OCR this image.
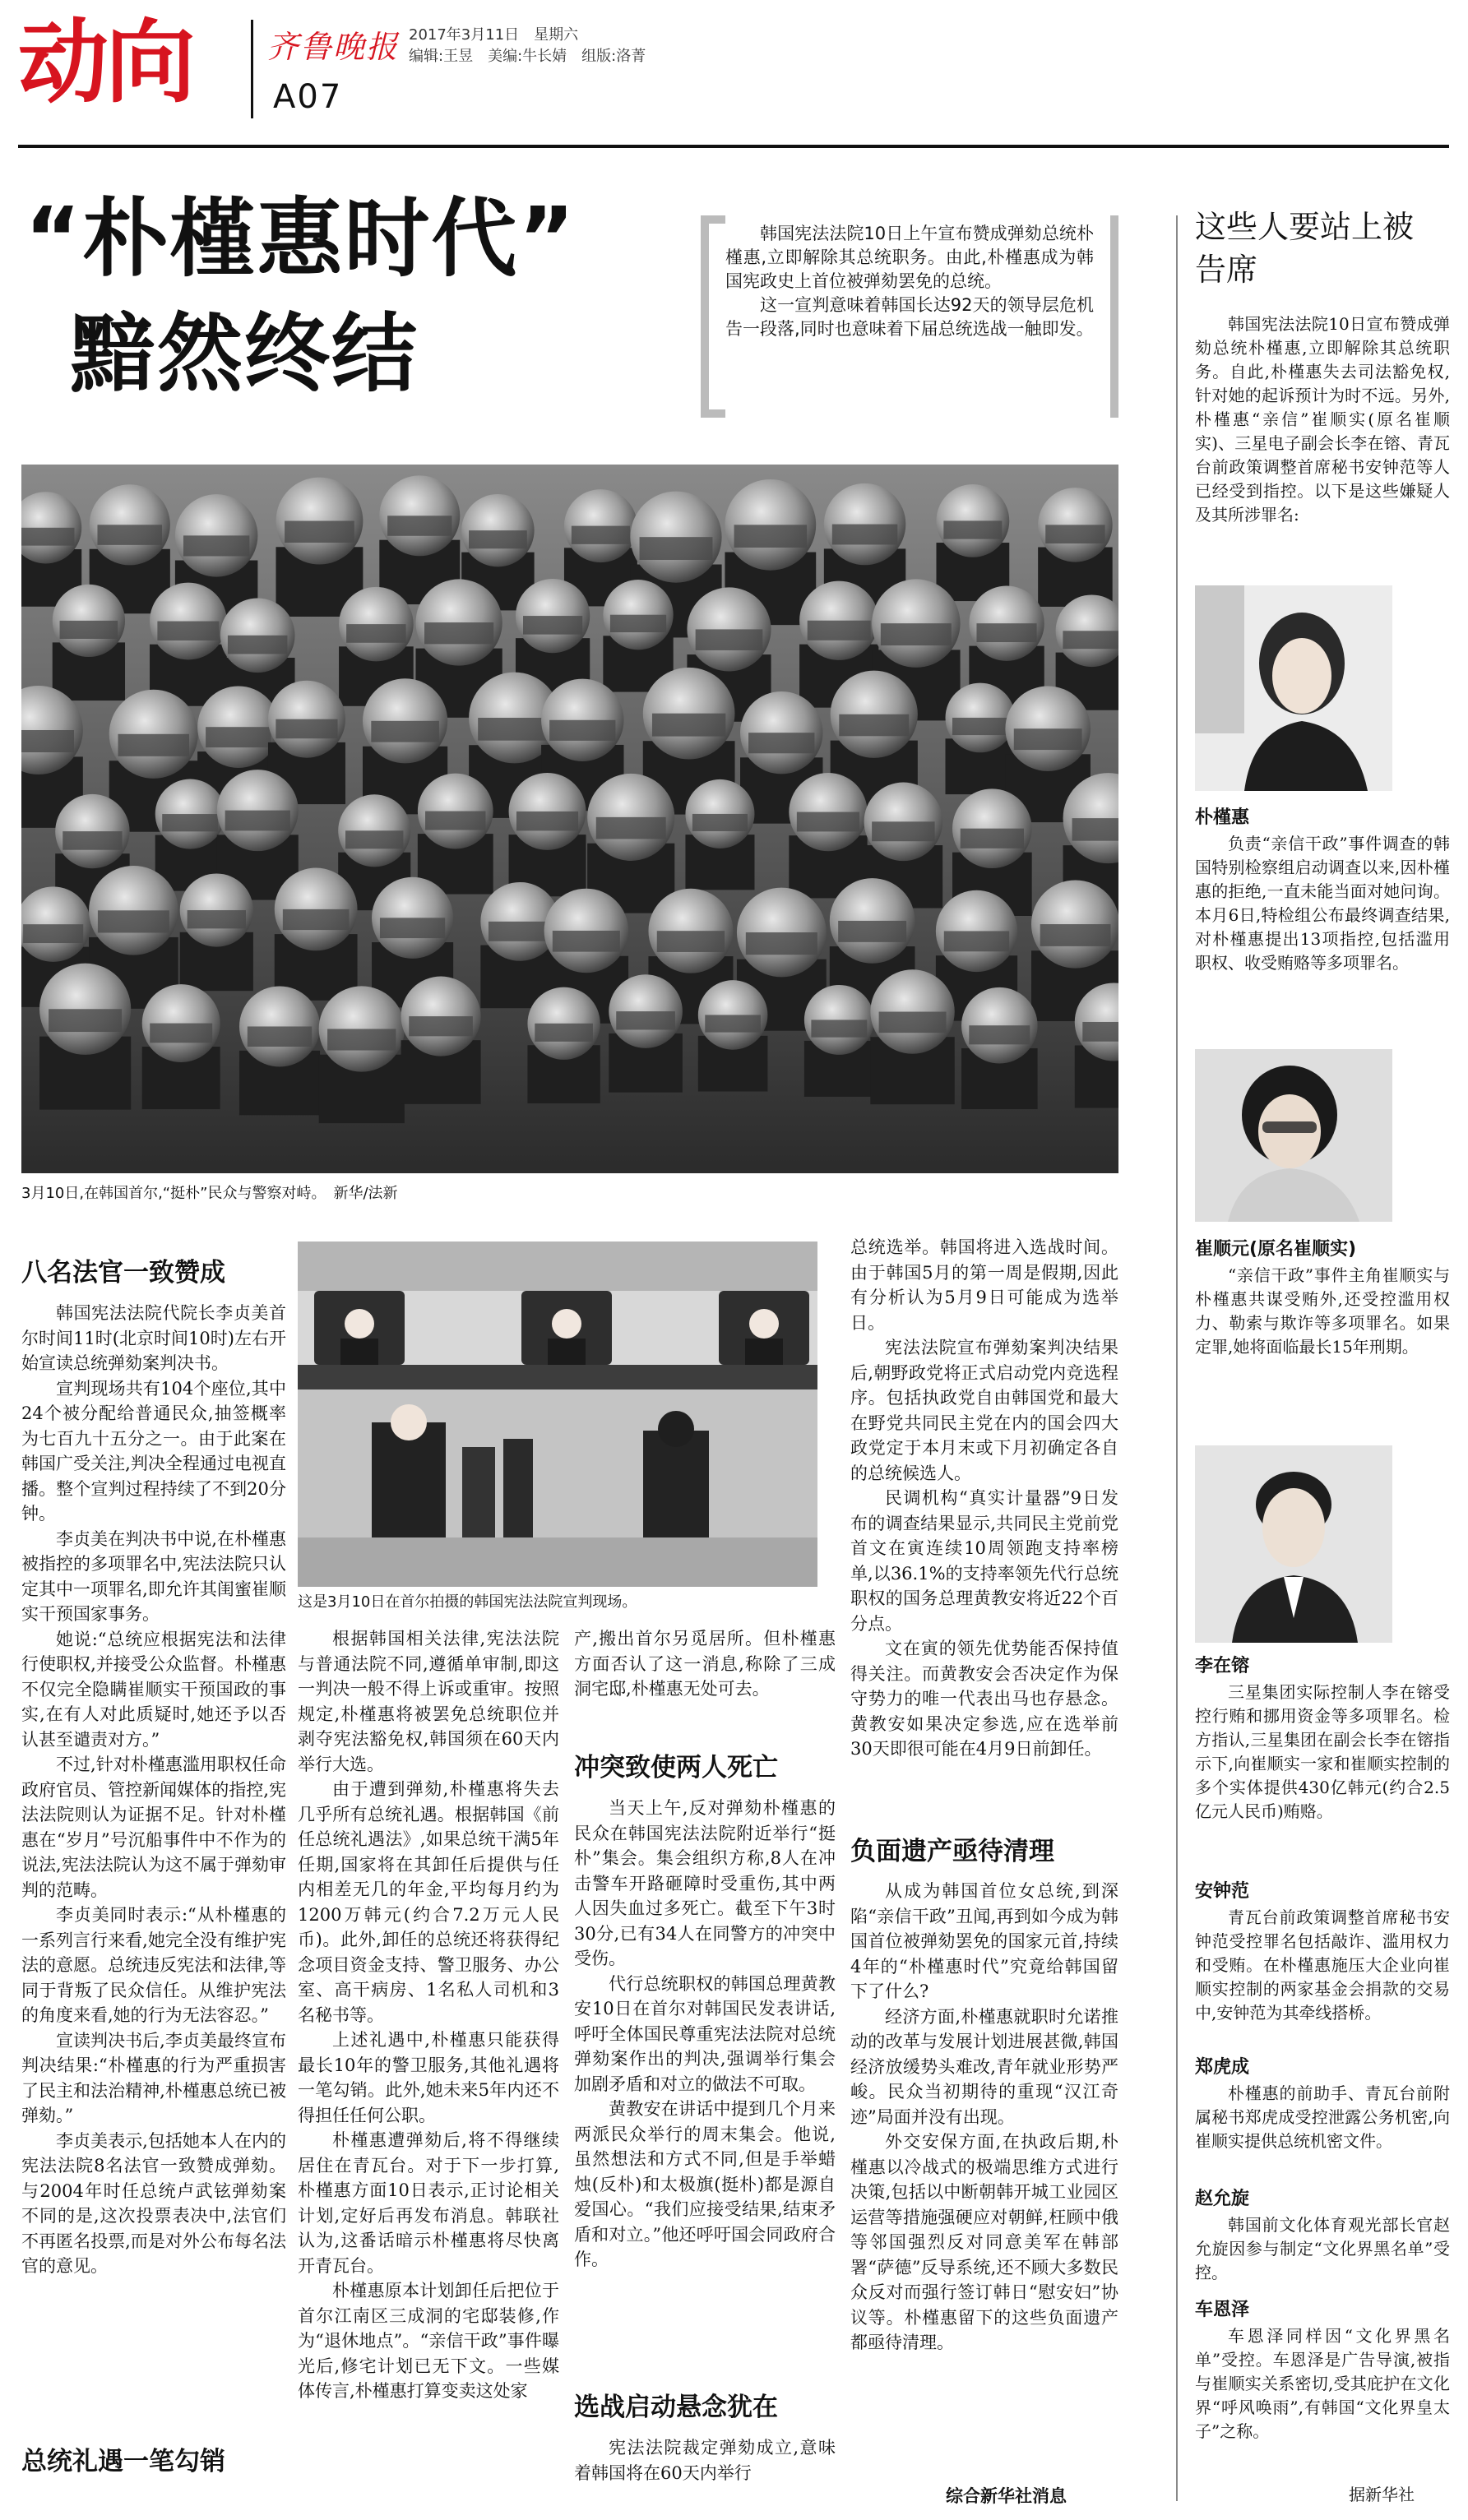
动向 齐鲁晚报
A07
2017年3月11日　星期六
编辑:王昱　美编:牛长婧　组版:洛菁
“朴槿惠时代”
黯然终结

韩国宪法法院10日上午宣布赞成弹劾总统朴槿惠,立即解除其总统职务。由此,朴槿惠成为韩国宪政史上首位被弹劾罢免的总统。

这一宣判意味着韩国长达92天的领导层危机告一段落,同时也意味着下届总统选战一触即发。

3月10日,在韩国首尔,“挺朴”民众与警察对峙。　新华/法新
八名法官一致赞成

韩国宪法法院代院长李贞美首尔时间11时(北京时间10时)左右开始宣读总统弹劾案判决书。

宣判现场共有104个座位,其中24个被分配给普通民众,抽签概率为七百九十五分之一。由于此案在韩国广受关注,判决全程通过电视直播。整个宣判过程持续了不到20分钟。

李贞美在判决书中说,在朴槿惠被指控的多项罪名中,宪法法院只认定其中一项罪名,即允许其闺蜜崔顺实干预国家事务。

她说:“总统应根据宪法和法律行使职权,并接受公众监督。朴槿惠不仅完全隐瞒崔顺实干预国政的事实,在有人对此质疑时,她还予以否认甚至谴责对方。”

不过,针对朴槿惠滥用职权任命政府官员、管控新闻媒体的指控,宪法法院则认为证据不足。针对朴槿惠在“岁月”号沉船事件中不作为的说法,宪法法院认为这不属于弹劾审判的范畴。

李贞美同时表示:“从朴槿惠的一系列言行来看,她完全没有维护宪法的意愿。总统违反宪法和法律,等同于背叛了民众信任。从维护宪法的角度来看,她的行为无法容忍。”

宣读判决书后,李贞美最终宣布判决结果:“朴槿惠的行为严重损害了民主和法治精神,朴槿惠总统已被弹劾。”

李贞美表示,包括她本人在内的宪法法院8名法官一致赞成弹劾。与2004年时任总统卢武铉弹劾案不同的是,这次投票表决中,法官们不再匿名投票,而是对外公布每名法官的意见。

总统礼遇一笔勾销
这是3月10日在首尔拍摄的韩国宪法法院宣判现场。

根据韩国相关法律,宪法法院与普通法院不同,遵循单审制,即这一判决一般不得上诉或重审。按照规定,朴槿惠将被罢免总统职位并剥夺宪法豁免权,韩国须在60天内举行大选。

由于遭到弹劾,朴槿惠将失去几乎所有总统礼遇。根据韩国《前任总统礼遇法》,如果总统干满5年任期,国家将在其卸任后提供与任内相差无几的年金,平均每月约为1200万韩元(约合7.2万元人民币)。此外,卸任的总统还将获得纪念项目资金支持、警卫服务、办公室、高干病房、1名私人司机和3名秘书等。

上述礼遇中,朴槿惠只能获得最长10年的警卫服务,其他礼遇将一笔勾销。此外,她未来5年内还不得担任任何公职。

朴槿惠遭弹劾后,将不得继续居住在青瓦台。对于下一步打算,朴槿惠方面10日表示,正讨论相关计划,定好后再发布消息。韩联社认为,这番话暗示朴槿惠将尽快离开青瓦台。

朴槿惠原本计划卸任后把位于首尔江南区三成洞的宅邸装修,作为“退休地点”。“亲信干政”事件曝光后,修宅计划已无下文。一些媒体传言,朴槿惠打算变卖这处家

产,搬出首尔另觅居所。但朴槿惠方面否认了这一消息,称除了三成洞宅邸,朴槿惠无处可去。

冲突致使两人死亡

当天上午,反对弹劾朴槿惠的民众在韩国宪法法院附近举行“挺朴”集会。集会组织方称,8人在冲击警车开路砸障时受重伤,其中两人因失血过多死亡。截至下午3时30分,已有34人在同警方的冲突中受伤。

代行总统职权的韩国总理黄教安10日在首尔对韩国民发表讲话,呼吁全体国民尊重宪法法院对总统弹劾案作出的判决,强调举行集会加剧矛盾和对立的做法不可取。

黄教安在讲话中提到几个月来两派民众举行的周末集会。他说,虽然想法和方式不同,但是手举蜡烛(反朴)和太极旗(挺朴)都是源自爱国心。“我们应接受结果,结束矛盾和对立。”他还呼吁国会同政府合作。

选战启动悬念犹在

宪法法院裁定弹劾成立,意味着韩国将在60天内举行

总统选举。韩国将进入选战时间。由于韩国5月的第一周是假期,因此有分析认为5月9日可能成为选举日。

宪法法院宣布弹劾案判决结果后,朝野政党将正式启动党内竞选程序。包括执政党自由韩国党和最大在野党共同民主党在内的国会四大政党定于本月末或下月初确定各自的总统候选人。

民调机构“真实计量器”9日发布的调查结果显示,共同民主党前党首文在寅连续10周领跑支持率榜单,以36.1%的支持率领先代行总统职权的国务总理黄教安将近22个百分点。

文在寅的领先优势能否保持值得关注。而黄教安会否决定作为保守势力的唯一代表出马也存悬念。黄教安如果决定参选,应在选举前30天即很可能在4月9日前卸任。

负面遗产亟待清理

从成为韩国首位女总统,到深陷“亲信干政”丑闻,再到如今成为韩国首位被弹劾罢免的国家元首,持续4年的“朴槿惠时代”究竟给韩国留下了什么?

经济方面,朴槿惠就职时允诺推动的改革与发展计划进展甚微,韩国经济放缓势头难改,青年就业形势严峻。民众当初期待的重现“汉江奇迹”局面并没有出现。

外交安保方面,在执政后期,朴槿惠以冷战式的极端思维方式进行决策,包括以中断朝韩开城工业园区运营等措施强硬应对朝鲜,枉顾中俄等邻国强烈反对同意美军在韩部署“萨德”反导系统,还不顾大多数民众反对而强行签订韩日“慰安妇”协议等。朴槿惠留下的这些负面遗产都亟待清理。

综合新华社消息
这些人要站上被告席

韩国宪法法院10日宣布赞成弹劾总统朴槿惠,立即解除其总统职务。自此,朴槿惠失去司法豁免权,针对她的起诉预计为时不远。另外,朴槿惠“亲信”崔顺实(原名崔顺实)、三星电子副会长李在镕、青瓦台前政策调整首席秘书安钟范等人已经受到指控。以下是这些嫌疑人及其所涉罪名:

朴槿惠

负责“亲信干政”事件调查的韩国特别检察组启动调查以来,因朴槿惠的拒绝,一直未能当面对她问询。本月6日,特检组公布最终调查结果,对朴槿惠提出13项指控,包括滥用职权、收受贿赂等多项罪名。

崔顺元(原名崔顺实)

“亲信干政”事件主角崔顺实与朴槿惠共谋受贿外,还受控滥用权力、勒索与欺诈等多项罪名。如果定罪,她将面临最长15年刑期。

李在镕

三星集团实际控制人李在镕受控行贿和挪用资金等多项罪名。检方指认,三星集团在副会长李在镕指示下,向崔顺实一家和崔顺实控制的多个实体提供430亿韩元(约合2.5亿元人民币)贿赂。

安钟范

青瓦台前政策调整首席秘书安钟范受控罪名包括敲诈、滥用权力和受贿。在朴槿惠施压大企业向崔顺实控制的两家基金会捐款的交易中,安钟范为其牵线搭桥。

郑虎成

朴槿惠的前助手、青瓦台前附属秘书郑虎成受控泄露公务机密,向崔顺实提供总统机密文件。

赵允旋

韩国前文化体育观光部长官赵允旋因参与制定“文化界黑名单”受控。

车恩泽

车恩泽同样因“文化界黑名单”受控。车恩泽是广告导演,被指与崔顺实关系密切,受其庇护在文化界“呼风唤雨”,有韩国“文化界皇太子”之称。

据新华社
